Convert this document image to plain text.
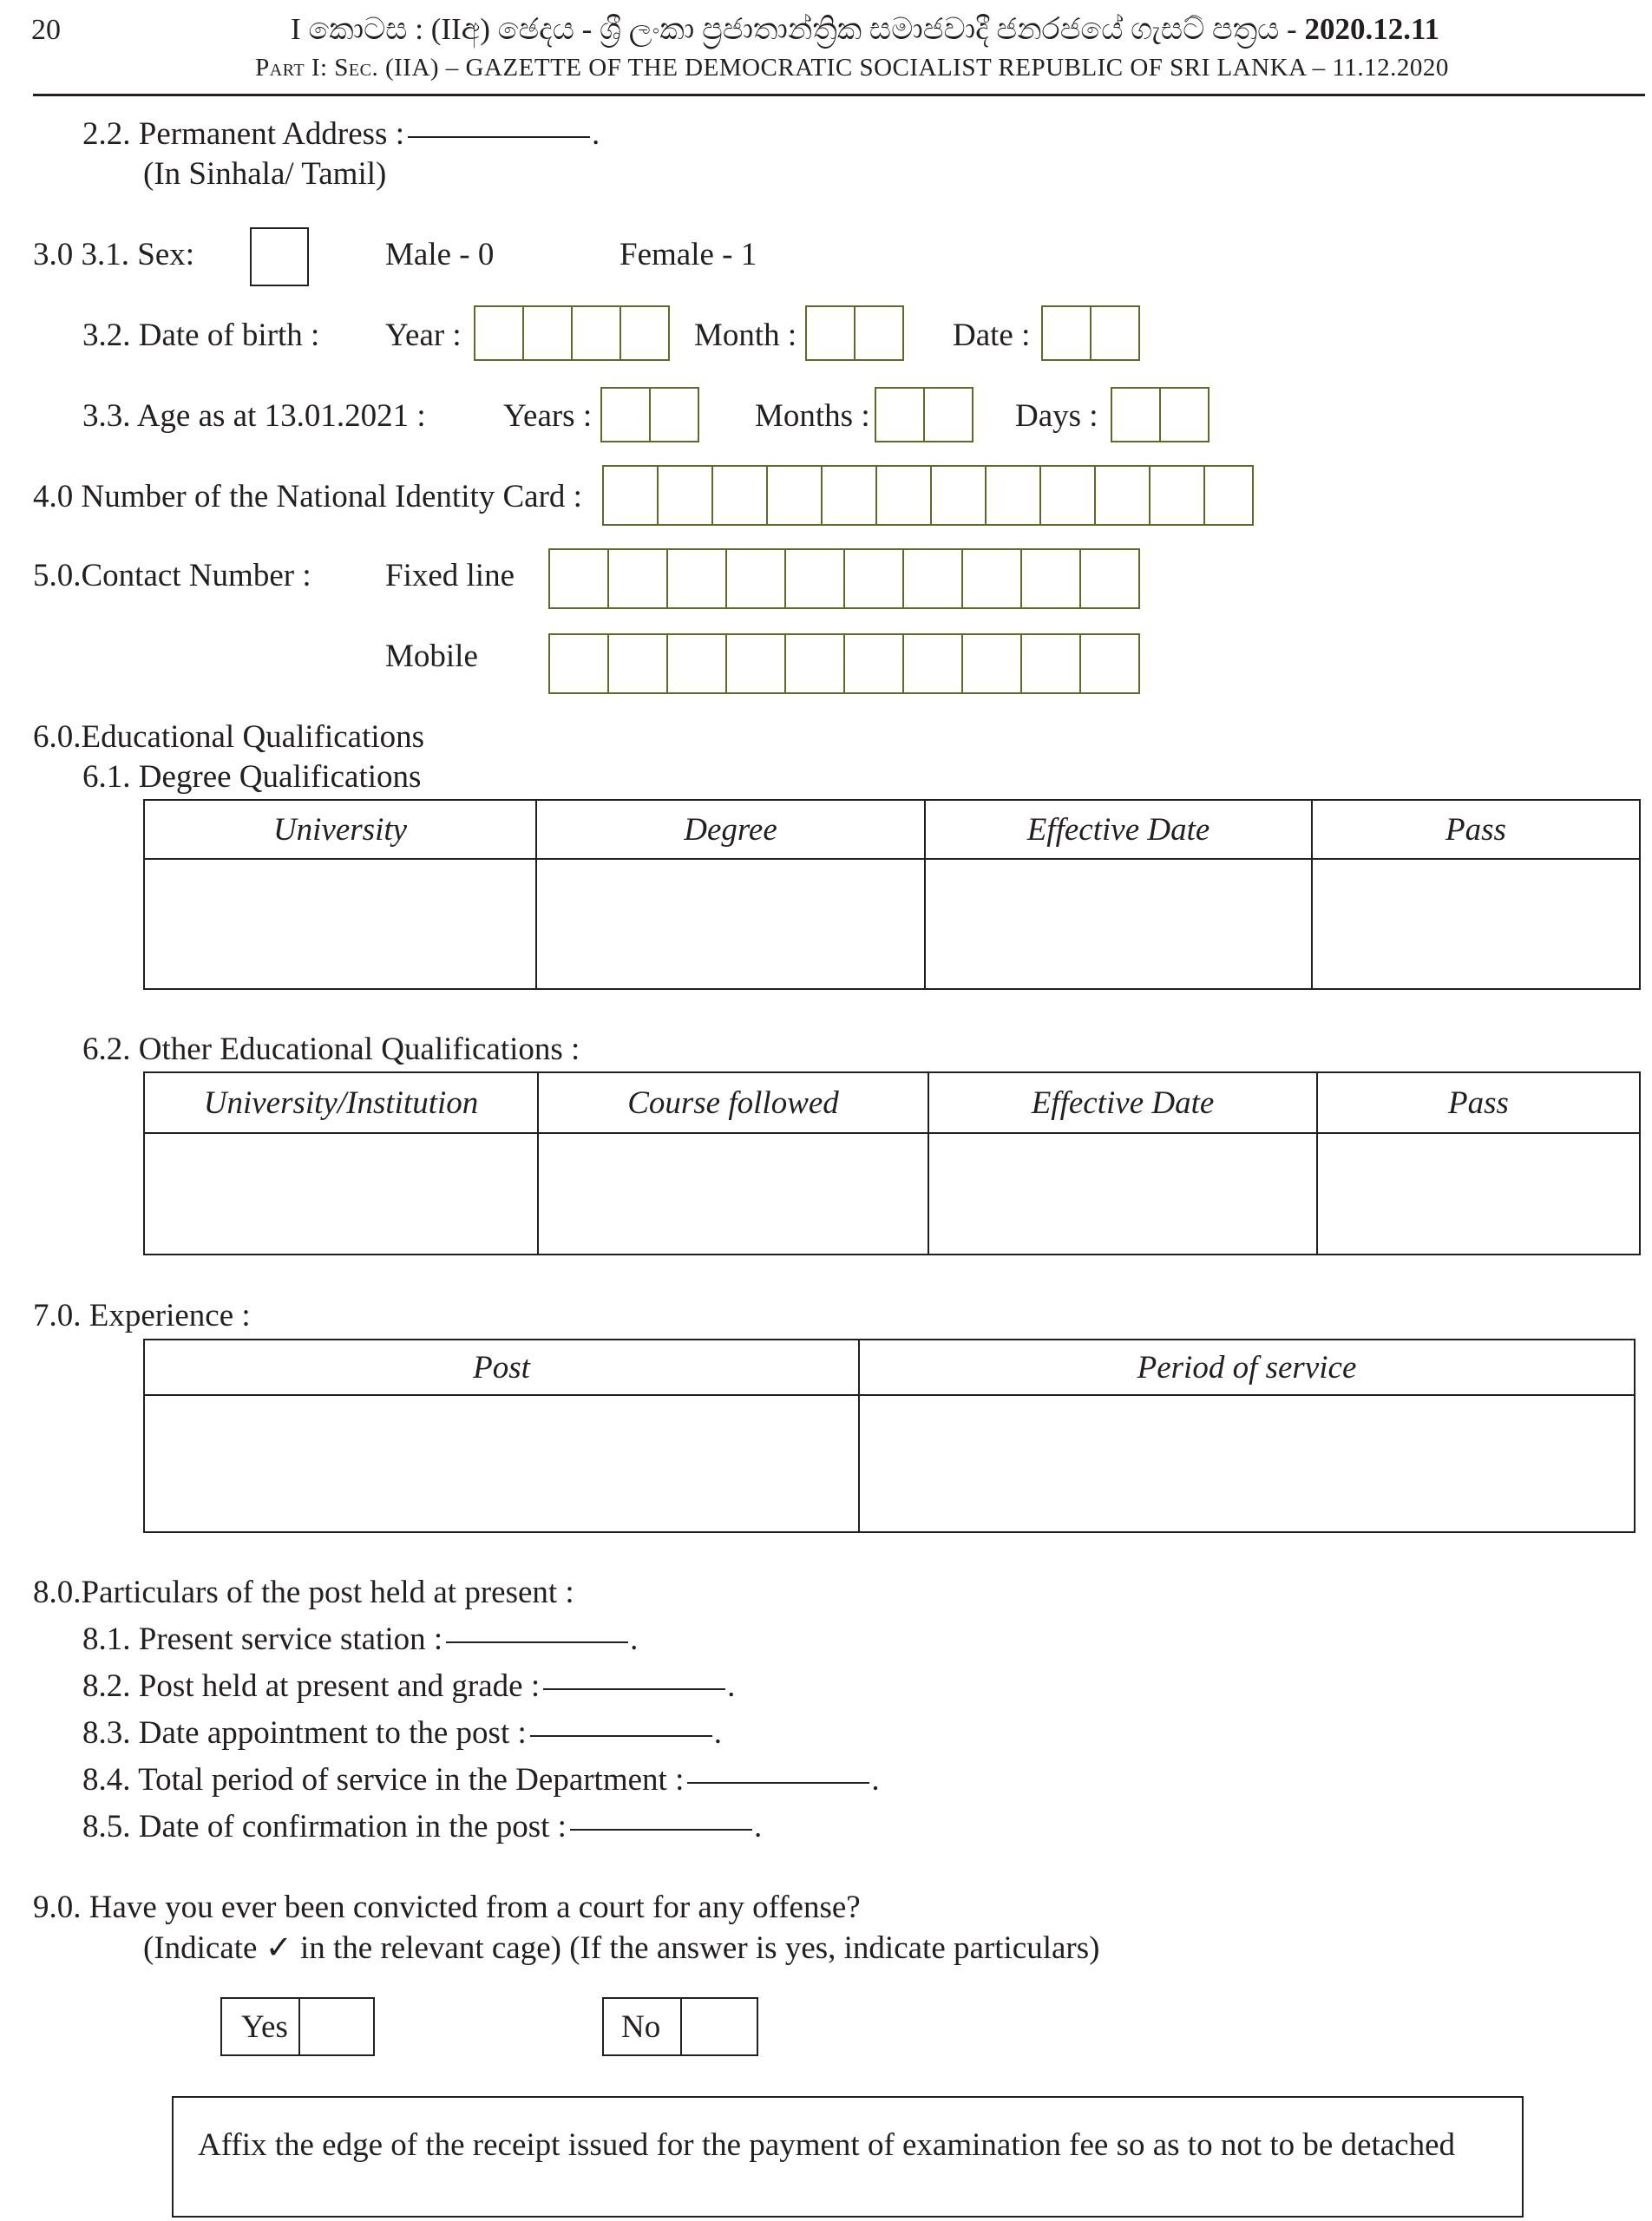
20	I කොටස : (IIඅ) ඡෙදය - ශ්‍රී ලංකා ප්‍රජාතාන්ත්‍රික සමාජවාදී ජනරජයේ ගැසට් පත්‍රය - 2020.12.11
Part I: Sec. (IIA) – GAZETTE OF THE DEMOCRATIC SOCIALIST REPUBLIC OF SRI LANKA – 11.12.2020
2.2. Permanent Address :	.
(In Sinhala/ Tamil)
3.0 3.1. Sex:	Male - 0	Female - 1
3.2. Date of birth : Year :	Month :	Date :
3.3. Age as at 13.01.2021 : Years :	Months :	Days :
4.0 Number of the National Identity Card :
5.0.Contact Number : Fixed line
Mobile
6.0.Educational Qualifications
6.1. Degree Qualifications
University	Degree	Effective Date	Pass

6.2. Other Educational Qualifications :
University/Institution	Course followed	Effective Date	Pass

7.0. Experience :
Post	Period of service

8.0.Particulars of the post held at present :
8.1. Present service station :	.
8.2. Post held at present and grade :	.
8.3. Date appointment to the post :	.
8.4. Total period of service in the Department :	.
8.5. Date of confirmation in the post :	.
9.0. Have you ever been convicted from a court for any offense?
(Indicate ✓ in the relevant cage) (If the answer is yes, indicate particulars)
Yes	No
Affix the edge of the receipt issued for the payment of examination fee so as to not to be detached
